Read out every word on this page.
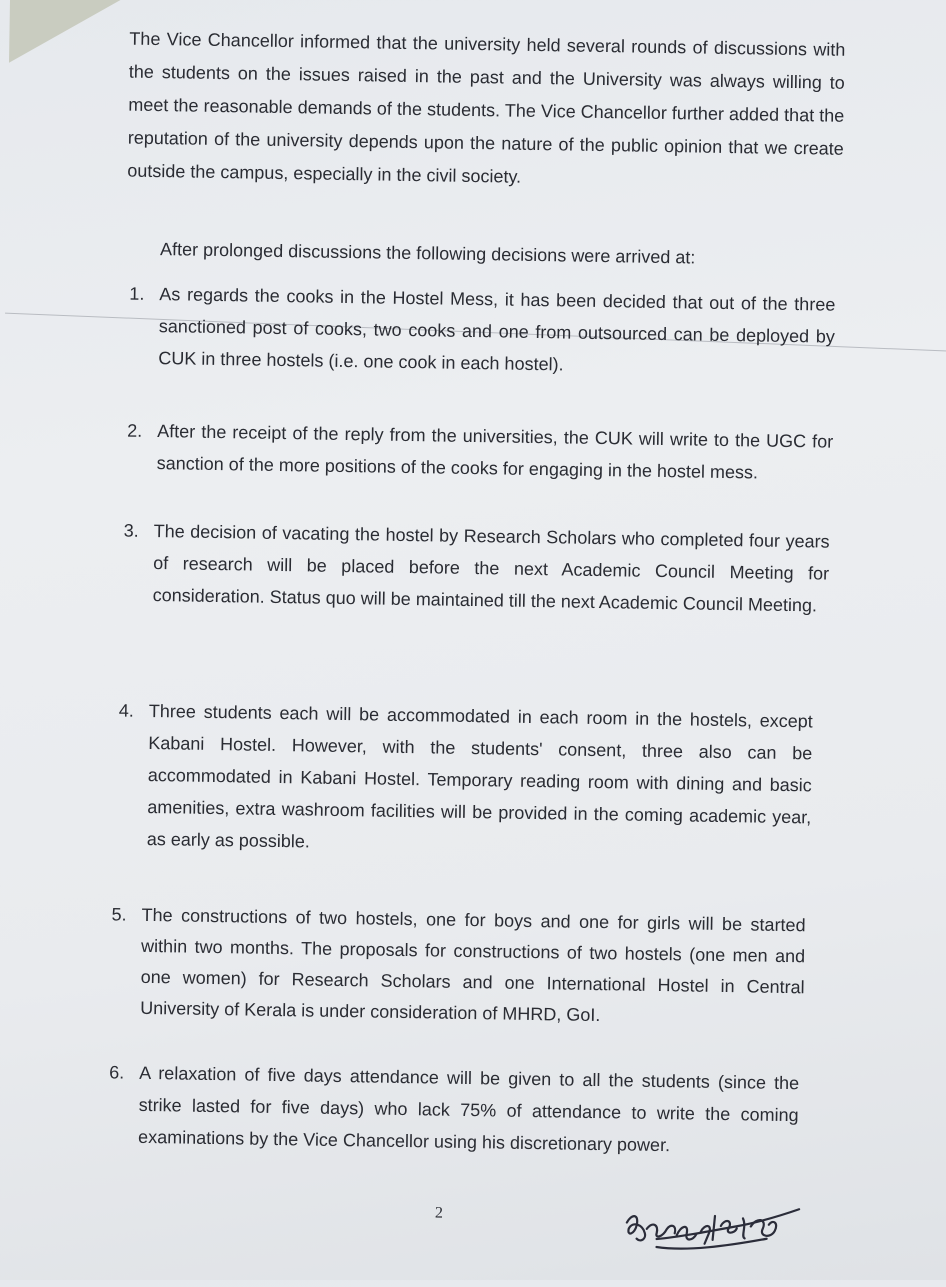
The Vice Chancellor informed that the university held several rounds of discussions with the students on the issues raised in the past and the University was always willing to meet the reasonable demands of the students. The Vice Chancellor further added that the reputation of the university depends upon the nature of the public opinion that we create outside the campus, especially in the civil society.

After prolonged discussions the following decisions were arrived at:

1. As regards the cooks in the Hostel Mess, it has been decided that out of the three sanctioned post of cooks, two cooks and one from outsourced can be deployed by CUK in three hostels (i.e. one cook in each hostel).
2. After the receipt of the reply from the universities, the CUK will write to the UGC for sanction of the more positions of the cooks for engaging in the hostel mess.
3. The decision of vacating the hostel by Research Scholars who completed four years of research will be placed before the next Academic Council Meeting for consideration. Status quo will be maintained till the next Academic Council Meeting.
4. Three students each will be accommodated in each room in the hostels, except Kabani Hostel. However, with the students' consent, three also can be accommodated in Kabani Hostel. Temporary reading room with dining and basic amenities, extra washroom facilities will be provided in the coming academic year, as early as possible.
5. The constructions of two hostels, one for boys and one for girls will be started within two months. The proposals for constructions of two hostels (one men and one women) for Research Scholars and one International Hostel in Central University of Kerala is under consideration of MHRD, GoI.
6. A relaxation of five days attendance will be given to all the students (since the strike lasted for five days) who lack 75% of attendance to write the coming examinations by the Vice Chancellor using his discretionary power.
2
